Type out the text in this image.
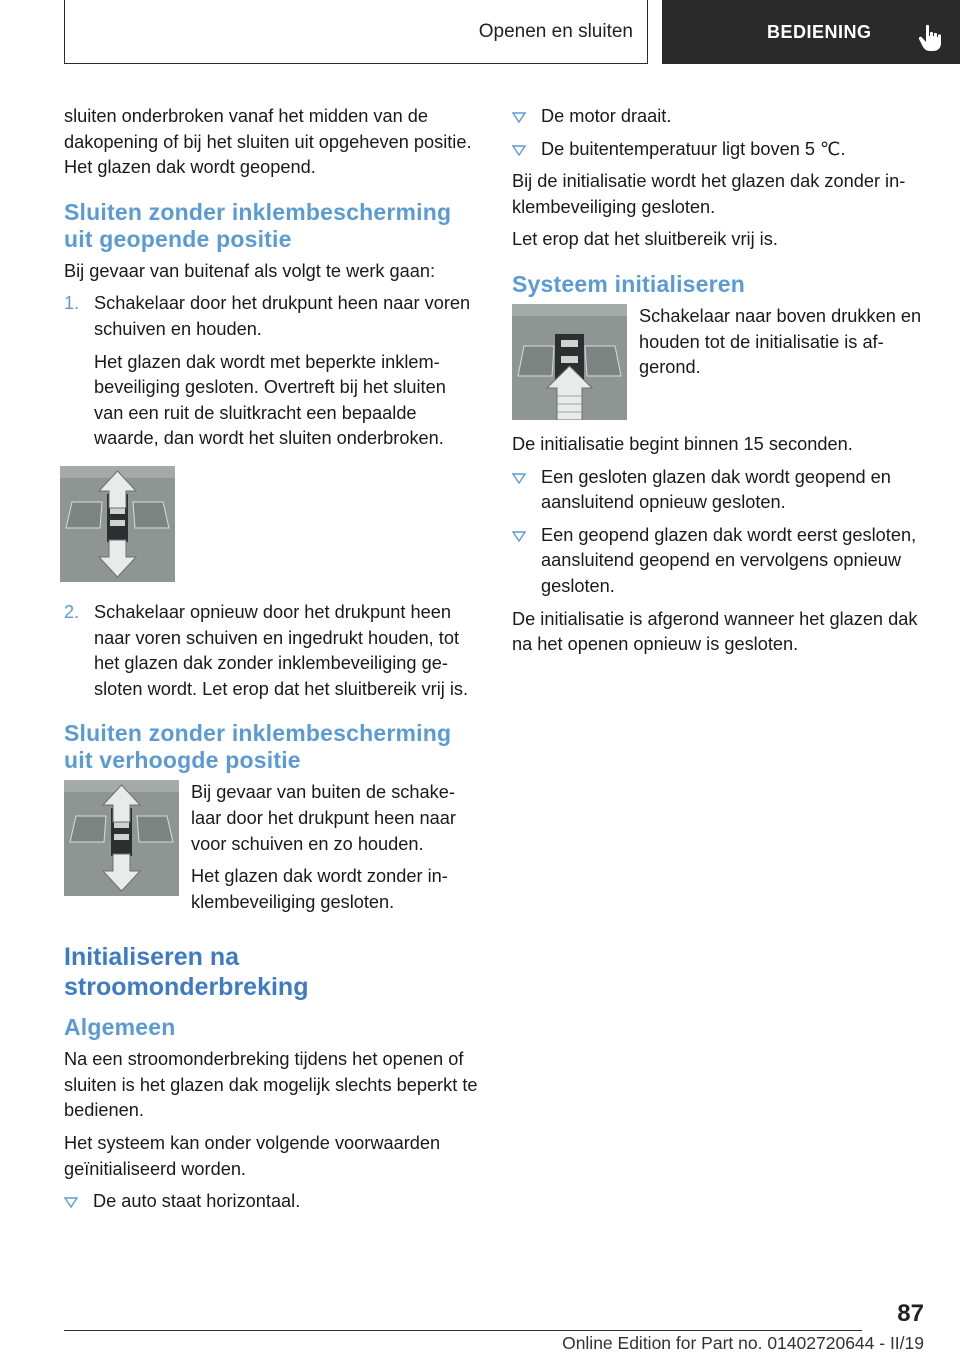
Openen en sluiten	BEDIENING

sluiten onderbroken vanaf het midden van de dakopening of bij het sluiten uit opgeheven positie. Het glazen dak wordt geopend.

Sluiten zonder inklembescherming uit geopende positie

Bij gevaar van buitenaf als volgt te werk gaan:

1. Schakelaar door het drukpunt heen naar voren schuiven en houden.

Het glazen dak wordt met beperkte inklembeveiliging gesloten. Overtreft bij het sluiten van een ruit de sluitkracht een bepaalde waarde, dan wordt het sluiten onderbroken.

2. Schakelaar opnieuw door het drukpunt heen naar voren schuiven en ingedrukt houden, tot het glazen dak zonder inklembeveiliging gesloten wordt. Let erop dat het sluitbereik vrij is.

Sluiten zonder inklembescherming uit verhoogde positie

Bij gevaar van buiten de schakelaar door het drukpunt heen naar voor schuiven en zo houden.

Het glazen dak wordt zonder inklembeveiliging gesloten.

Initialiseren na stroomonderbreking
Algemeen

Na een stroomonderbreking tijdens het openen of sluiten is het glazen dak mogelijk slechts beperkt te bedienen.

Het systeem kan onder volgende voorwaarden geïnitialiseerd worden.

De auto staat horizontaal.

De motor draait.

De buitentemperatuur ligt boven 5 ℃.

Bij de initialisatie wordt het glazen dak zonder inklembeveiliging gesloten.

Let erop dat het sluitbereik vrij is.

Systeem initialiseren

Schakelaar naar boven drukken en houden tot de initialisatie is afgerond.

De initialisatie begint binnen 15 seconden.

Een gesloten glazen dak wordt geopend en aansluitend opnieuw gesloten.

Een geopend glazen dak wordt eerst gesloten, aansluitend geopend en vervolgens opnieuw gesloten.

De initialisatie is afgerond wanneer het glazen dak na het openen opnieuw is gesloten.

87
Online Edition for Part no. 01402720644 - II/19
